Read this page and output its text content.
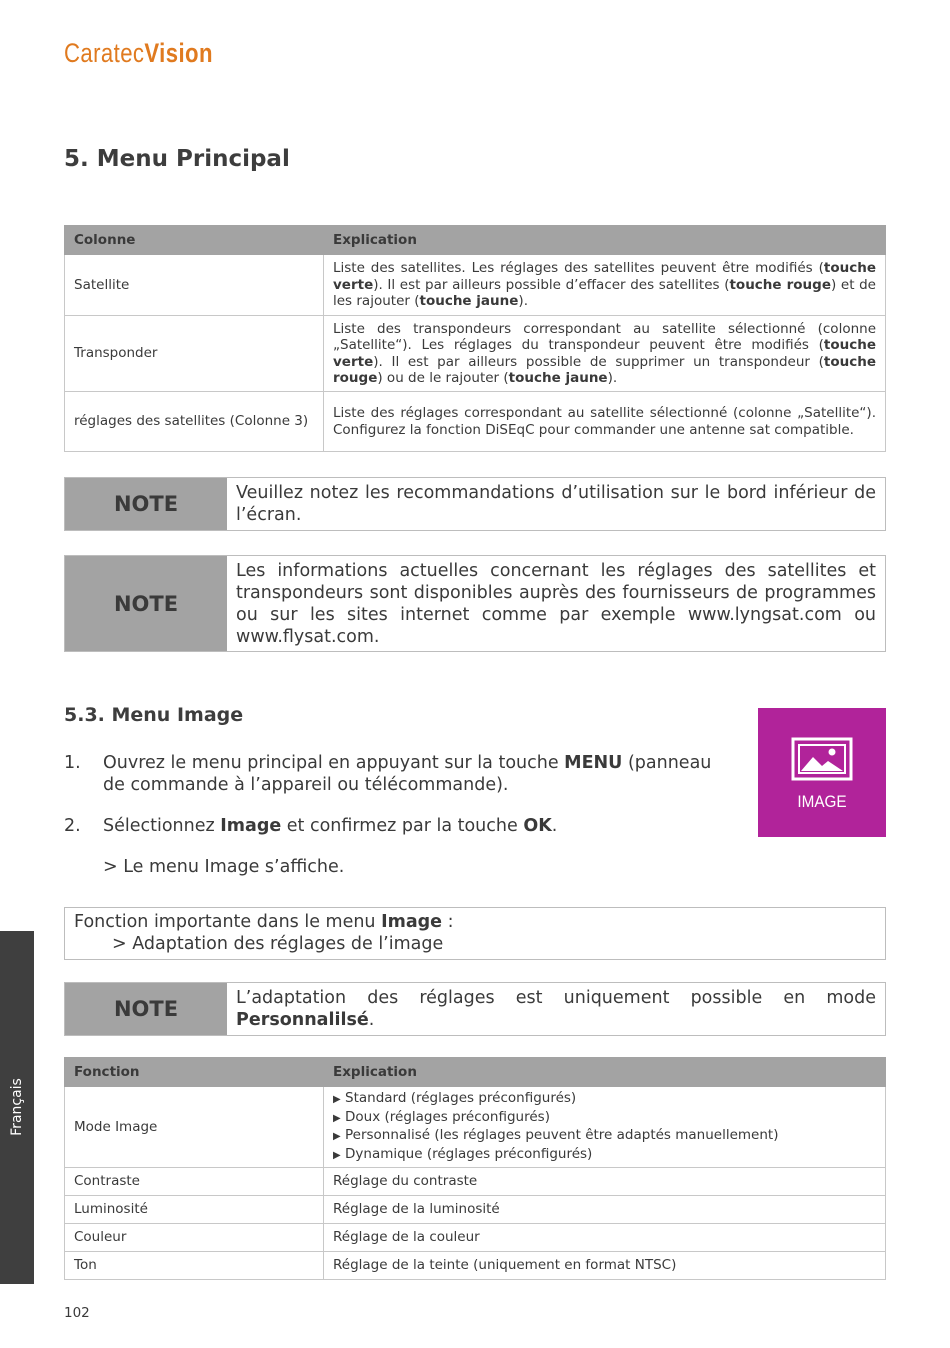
CaratecVision
5. Menu Principal
Colonne	Explication
Satellite	Liste des satellites. Les réglages des satellites peuvent être modifiés (touche verte). Il est par ailleurs possible d’effacer des satellites (touche rouge) et de les rajouter (touche jaune).
Transponder	Liste des transpondeurs correspondant au satellite sélectionné (colonne „Satellite“). Les réglages du transpondeur peuvent être modifiés (touche verte). Il est par ailleurs possible de supprimer un transpondeur (touche rouge) ou de le rajouter (touche jaune).
réglages des satellites (Colonne 3)	Liste des réglages correspondant au satellite sélectionné (colonne „Satellite“). Configurez la fonction DiSEqC pour commander une antenne sat compatible.
NOTE	Veuillez notez les recommandations d’utilisation sur le bord inférieur de l’écran.
NOTE
Les informations actuelles concernant les réglages des satellites et transpondeurs sont disponibles auprès des fournisseurs de programmes ou sur les sites internet comme par exemple www.lyngsat.com ou www.flysat.com.
5.3. Menu Image
1.	Ouvrez le menu principal en appuyant sur la touche MENU (panneau de commande à l’appareil ou télécommande).
2.	Sélectionnez Image et confirmez par la touche OK.
> Le menu Image s’affiche.
IMAGE
Fonction importante dans le menu Image :
> Adaptation des réglages de l’image
NOTE	L’adaptation des réglages est uniquement possible en mode Personnalilsé.
Fonction	Explication
Mode Image	▶ Standard (réglages préconfigurés)
▶ Doux (réglages préconfigurés)
▶ Personnalisé (les réglages peuvent être adaptés manuellement)
▶ Dynamique (réglages préconfigurés)

Contraste	Réglage du contraste
Luminosité	Réglage de la luminosité
Couleur	Réglage de la couleur
Ton	Réglage de la teinte (uniquement en format NTSC)
Français
102
